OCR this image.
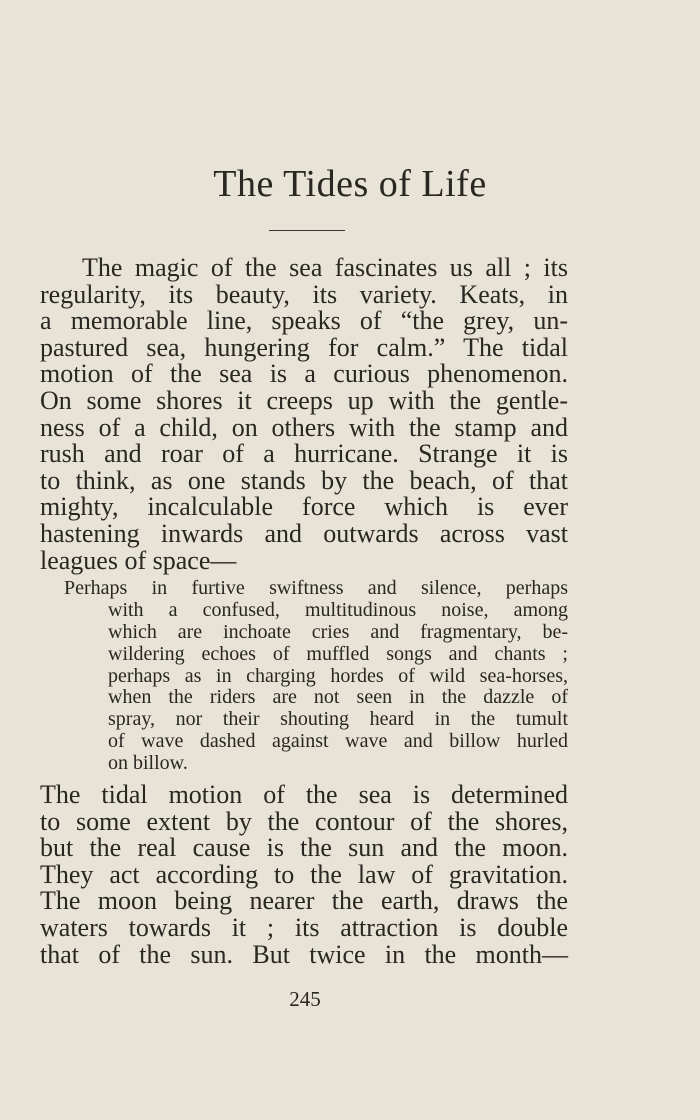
The Tides of Life
The magic of the sea fascinates us all ; its
regularity, its beauty, its variety. Keats, in
a memorable line, speaks of “the grey, un-
pastured sea, hungering for calm.” The tidal
motion of the sea is a curious phenomenon.
On some shores it creeps up with the gentle-
ness of a child, on others with the stamp and
rush and roar of a hurricane. Strange it is
to think, as one stands by the beach, of that
mighty, incalculable force which is ever
hastening inwards and outwards across vast
leagues of space—
Perhaps in furtive swiftness and silence, perhaps
with a confused, multitudinous noise, among
which are inchoate cries and fragmentary, be-
wildering echoes of muffled songs and chants ;
perhaps as in charging hordes of wild sea-horses,
when the riders are not seen in the dazzle of
spray, nor their shouting heard in the tumult
of wave dashed against wave and billow hurled
on billow.
The tidal motion of the sea is determined
to some extent by the contour of the shores,
but the real cause is the sun and the moon.
They act according to the law of gravitation.
The moon being nearer the earth, draws the
waters towards it ; its attraction is double
that of the sun. But twice in the month—
245
